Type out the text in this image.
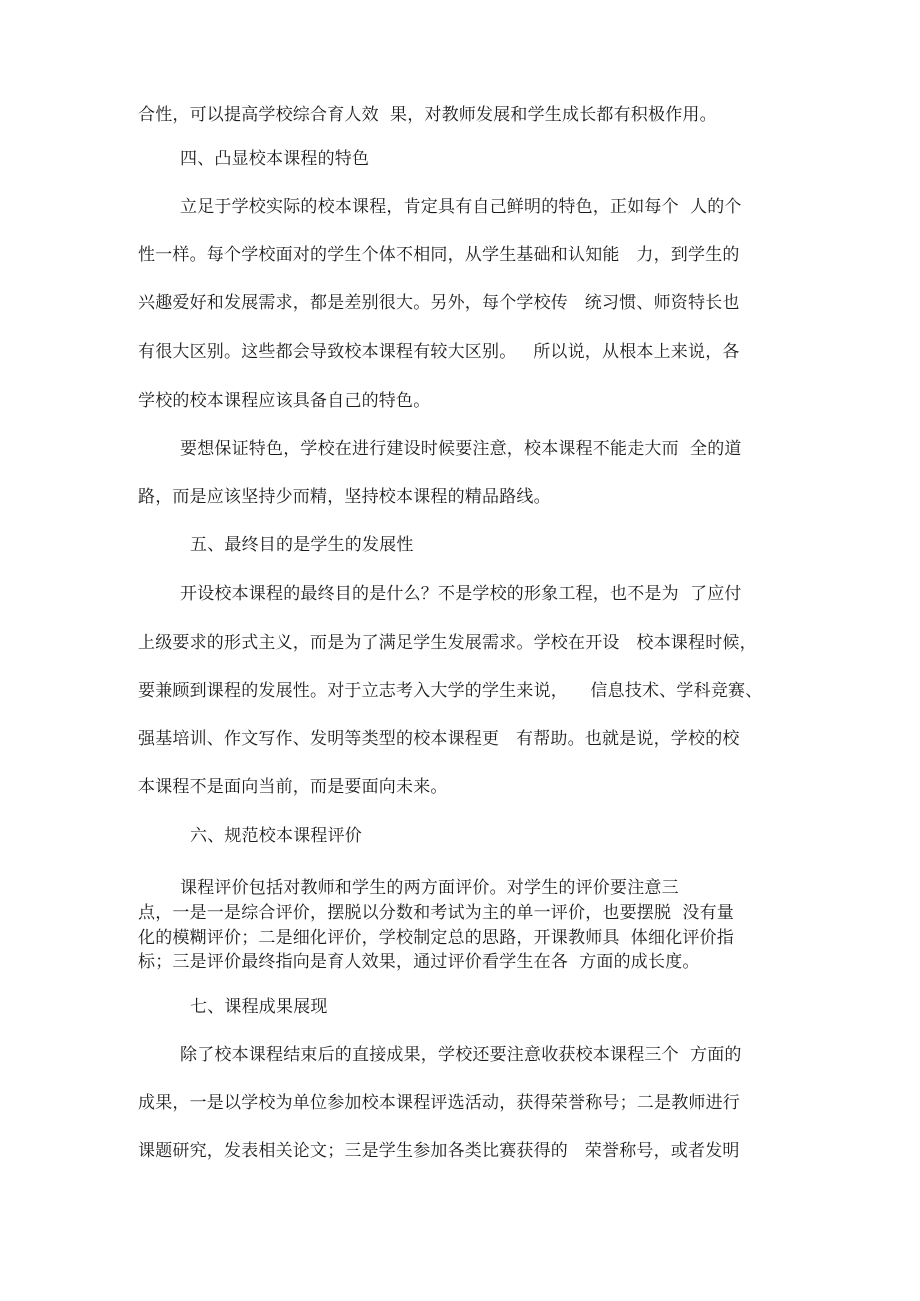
合性，可以提高学校综合育人效  果，对教师发展和学生成长都有积极作用。
四、凸显校本课程的特色
立足于学校实际的校本课程，肯定具有自己鲜明的特色，正如每个  人的个
性一样。每个学校面对的学生个体不相同，从学生基础和认知能   力，到学生的
兴趣爱好和发展需求，都是差别很大。另外，每个学校传   统习惯、师资特长也
有很大区别。这些都会导致校本课程有较大区别。   所以说，从根本上来说，各
学校的校本课程应该具备自己的特色。
要想保证特色，学校在进行建设时候要注意，校本课程不能走大而  全的道
路，而是应该坚持少而精，坚持校本课程的精品路线。
五、最终目的是学生的发展性
开设校本课程的最终目的是什么？不是学校的形象工程，也不是为  了应付
上级要求的形式主义，而是为了满足学生发展需求。学校在开设   校本课程时候，
要兼顾到课程的发展性。对于立志考入大学的学生来说，    信息技术、学科竞赛、
强基培训、作文写作、发明等类型的校本课程更   有帮助。也就是说，学校的校
本课程不是面向当前，而是要面向未来。
六、规范校本课程评价
课程评价包括对教师和学生的两方面评价。对学生的评价要注意三
点，一是一是综合评价，摆脱以分数和考试为主的单一评价，也要摆脱  没有量
化的模糊评价；二是细化评价，学校制定总的思路，开课教师具  体细化评价指
标；三是评价最终指向是育人效果，通过评价看学生在各  方面的成长度。
七、课程成果展现
除了校本课程结束后的直接成果，学校还要注意收获校本课程三个  方面的
成果，一是以学校为单位参加校本课程评选活动，获得荣誉称号；二是教师进行
课题研究，发表相关论文；三是学生参加各类比赛获得的   荣誉称号，或者发明
